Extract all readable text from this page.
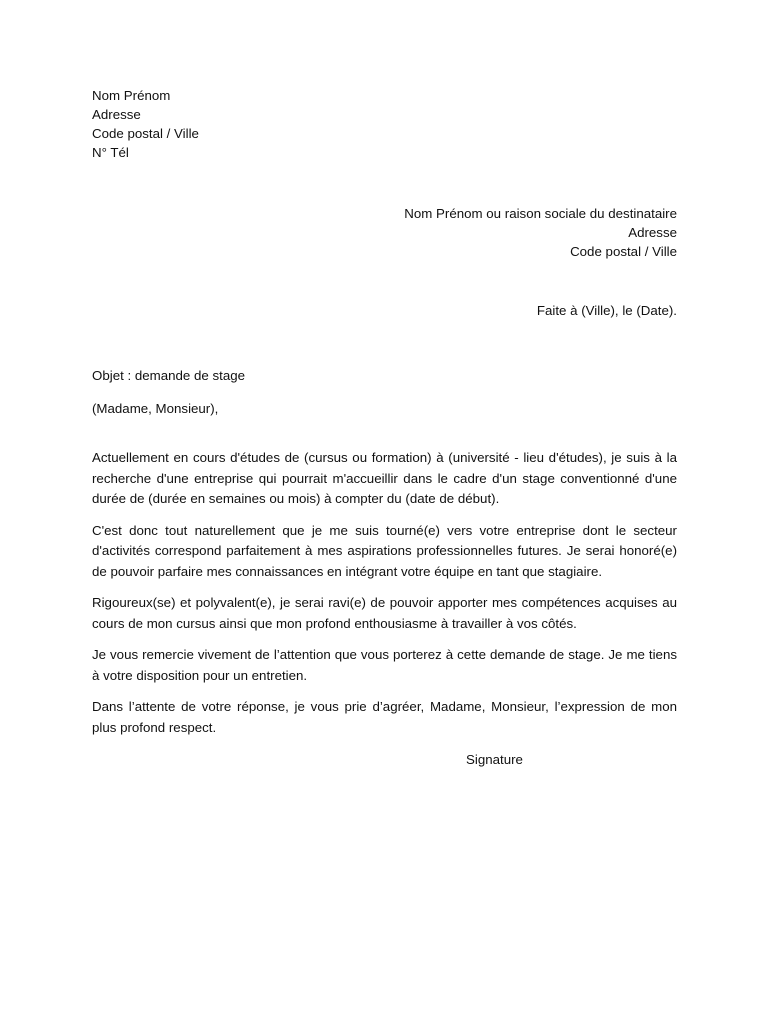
Nom Prénom
Adresse
Code postal / Ville
N° Tél
Nom Prénom ou raison sociale du destinataire
Adresse
Code postal / Ville
Faite à (Ville), le (Date).
Objet : demande de stage
(Madame, Monsieur),

Actuellement en cours d'études de (cursus ou formation) à (université - lieu d'études), je suis à la recherche d'une entreprise qui pourrait m'accueillir dans le cadre d'un stage conventionné d'une durée de (durée en semaines ou mois) à compter du (date de début).

C'est donc tout naturellement que je me suis tourné(e) vers votre entreprise dont le secteur d'activités correspond parfaitement à mes aspirations professionnelles futures. Je serai honoré(e) de pouvoir parfaire mes connaissances en intégrant votre équipe en tant que stagiaire.

Rigoureux(se) et polyvalent(e), je serai ravi(e) de pouvoir apporter mes compétences acquises au cours de mon cursus ainsi que mon profond enthousiasme à travailler à vos côtés.

Je vous remercie vivement de l’attention que vous porterez à cette demande de stage. Je me tiens à votre disposition pour un entretien.

Dans l’attente de votre réponse, je vous prie d’agréer, Madame, Monsieur, l’expression de mon plus profond respect.

Signature
